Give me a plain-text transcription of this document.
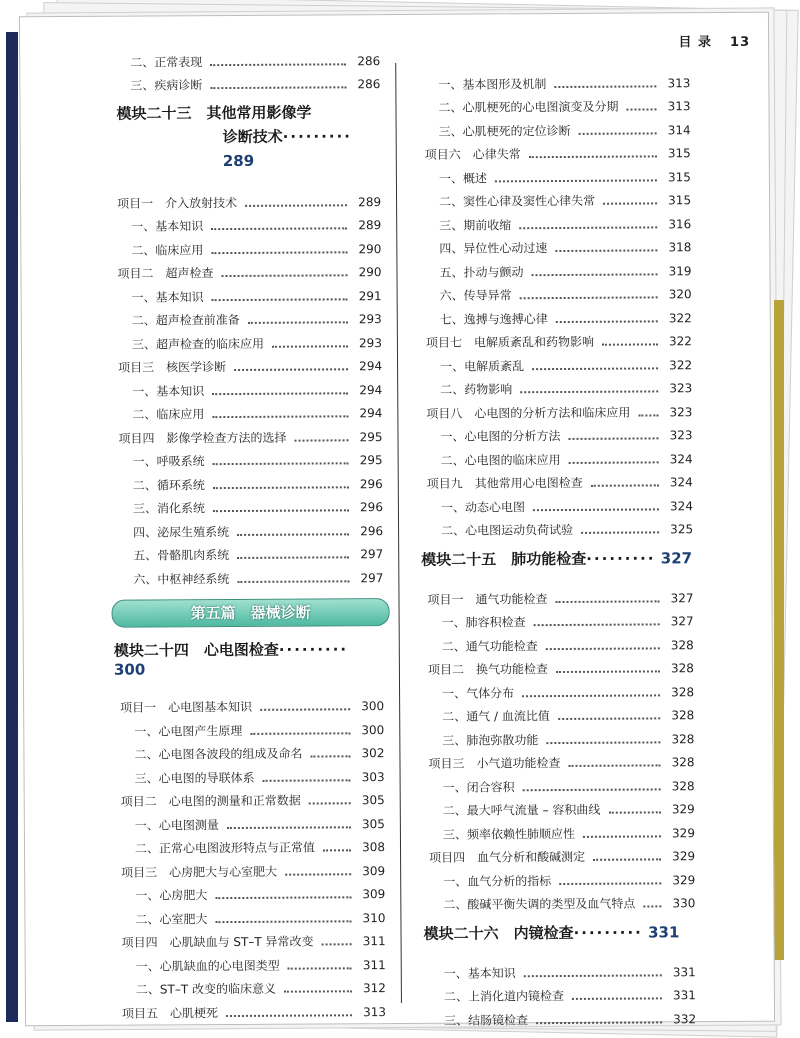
目 录 13
二、正常表现	286
三、疾病诊断	286
模块二十三　其他常用影像学
诊断技术········· 289
项目一　介入放射技术	289
一、基本知识	289
二、临床应用	290
项目二　超声检查	290
一、基本知识	291
二、超声检查前准备	293
三、超声检查的临床应用	293
项目三　核医学诊断	294
一、基本知识	294
二、临床应用	294
项目四　影像学检查方法的选择	295
一、呼吸系统	295
二、循环系统	296
三、消化系统	296
四、泌尿生殖系统	296
五、骨骼肌肉系统	297
六、中枢神经系统	297
第五篇　器械诊断
模块二十四　心电图检查········· 300
项目一　心电图基本知识	300
一、心电图产生原理	300
二、心电图各波段的组成及命名	302
三、心电图的导联体系	303
项目二　心电图的测量和正常数据	305
一、心电图测量	305
二、正常心电图波形特点与正常值	308
项目三　心房肥大与心室肥大	309
一、心房肥大	309
二、心室肥大	310
项目四　心肌缺血与 ST–T 异常改变	311
一、心肌缺血的心电图类型	311
二、ST–T 改变的临床意义	312
项目五　心肌梗死	313
一、基本图形及机制	313
二、心肌梗死的心电图演变及分期	313
三、心肌梗死的定位诊断	314
项目六　心律失常	315
一、概述	315
二、窦性心律及窦性心律失常	315
三、期前收缩	316
四、异位性心动过速	318
五、扑动与颤动	319
六、传导异常	320
七、逸搏与逸搏心律	322
项目七　电解质紊乱和药物影响	322
一、电解质紊乱	322
二、药物影响	323
项目八　心电图的分析方法和临床应用	323
一、心电图的分析方法	323
二、心电图的临床应用	324
项目九　其他常用心电图检查	324
一、动态心电图	324
二、心电图运动负荷试验	325
模块二十五　肺功能检查········· 327
项目一　通气功能检查	327
一、肺容积检查	327
二、通气功能检查	328
项目二　换气功能检查	328
一、气体分布	328
二、通气 / 血流比值	328
三、肺泡弥散功能	328
项目三　小气道功能检查	328
一、闭合容积	328
二、最大呼气流量 – 容积曲线	329
三、频率依赖性肺顺应性	329
项目四　血气分析和酸碱测定	329
一、血气分析的指标	329
二、酸碱平衡失调的类型及血气特点	330
模块二十六　内镜检查········· 331
一、基本知识	331
二、上消化道内镜检查	331
三、结肠镜检查	332
